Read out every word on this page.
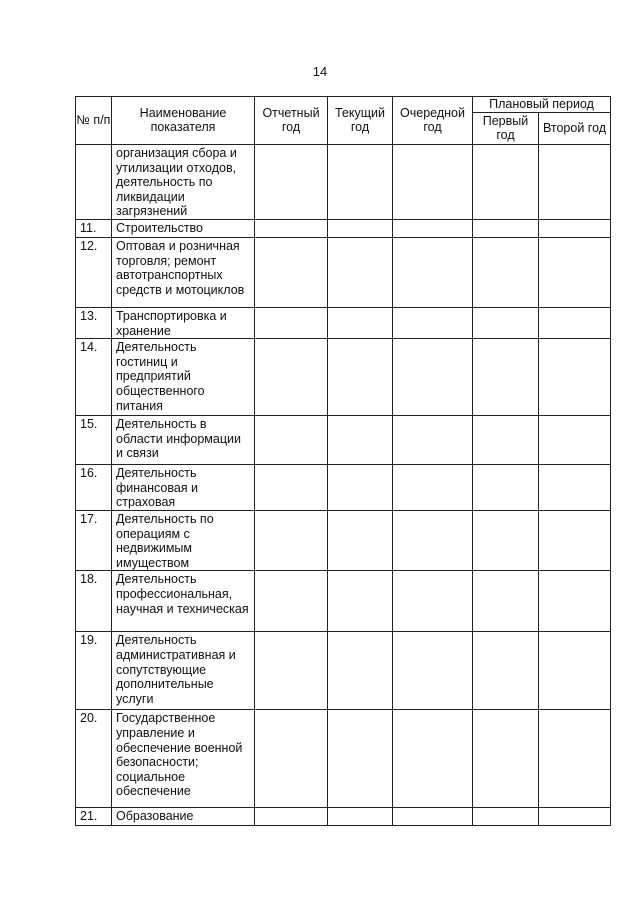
14
№ п/п	Наименование показателя	Отчетный год	Текущий год	Очередной год	Плановый период	
					Первый год	Второй год
	организация сбора и утилизации отходов, деятельность по ликвидации загрязнений					
11.	Строительство					
12.	Оптовая и розничная торговля; ремонт автотранспортных средств и мотоциклов					
13.	Транспортировка и хранение					
14.	Деятельность гостиниц и предприятий общественного питания					
15.	Деятельность в области информации и связи					
16.	Деятельность финансовая и страховая					
17.	Деятельность по операциям с недвижимым имуществом					
18.	Деятельность профессиональная, научная и техническая					
19.	Деятельность административная и сопутствующие дополнительные услуги					
20.	Государственное управление и обеспечение военной безопасности; социальное обеспечение					
21.	Образование					
